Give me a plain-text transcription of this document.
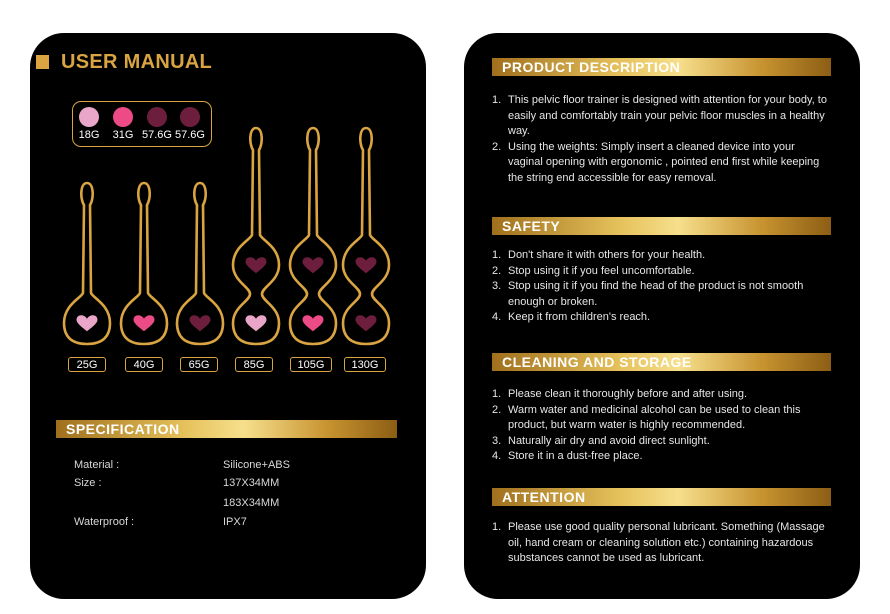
USER MANUAL
18G	31G 57.6G 57.6G
25G	40G	65G	85G	105G	130G
SPECIFICATION
Material :	Silicone+ABS
Size :	137X34MM
183X34MM
Waterproof :	IPX7
PRODUCT DESCRIPTION
1. This pelvic floor trainer is designed with attention for your body, to easily and comfortably train your pelvic floor muscles in a healthy way.
2. Using the weights: Simply insert a cleaned device into your vaginal opening with ergonomic , pointed end first while keeping the string end accessible for easy removal.
SAFETY
1. Don't share it with others for your health.
2. Stop using it if you feel uncomfortable.
3. Stop using it if you find the head of the product is not smooth enough or broken.
4. Keep it from children's reach.
CLEANING AND STORAGE
1. Please clean it thoroughly before and after using.
2. Warm water and medicinal alcohol can be used to clean this product, but warm water is highly recommended.
3. Naturally air dry and avoid direct sunlight.
4. Store it in a dust-free place.
ATTENTION
1. Please use good quality personal lubricant. Something (Massage oil, hand cream or cleaning solution etc.) containing hazardous substances cannot be used as lubricant.
